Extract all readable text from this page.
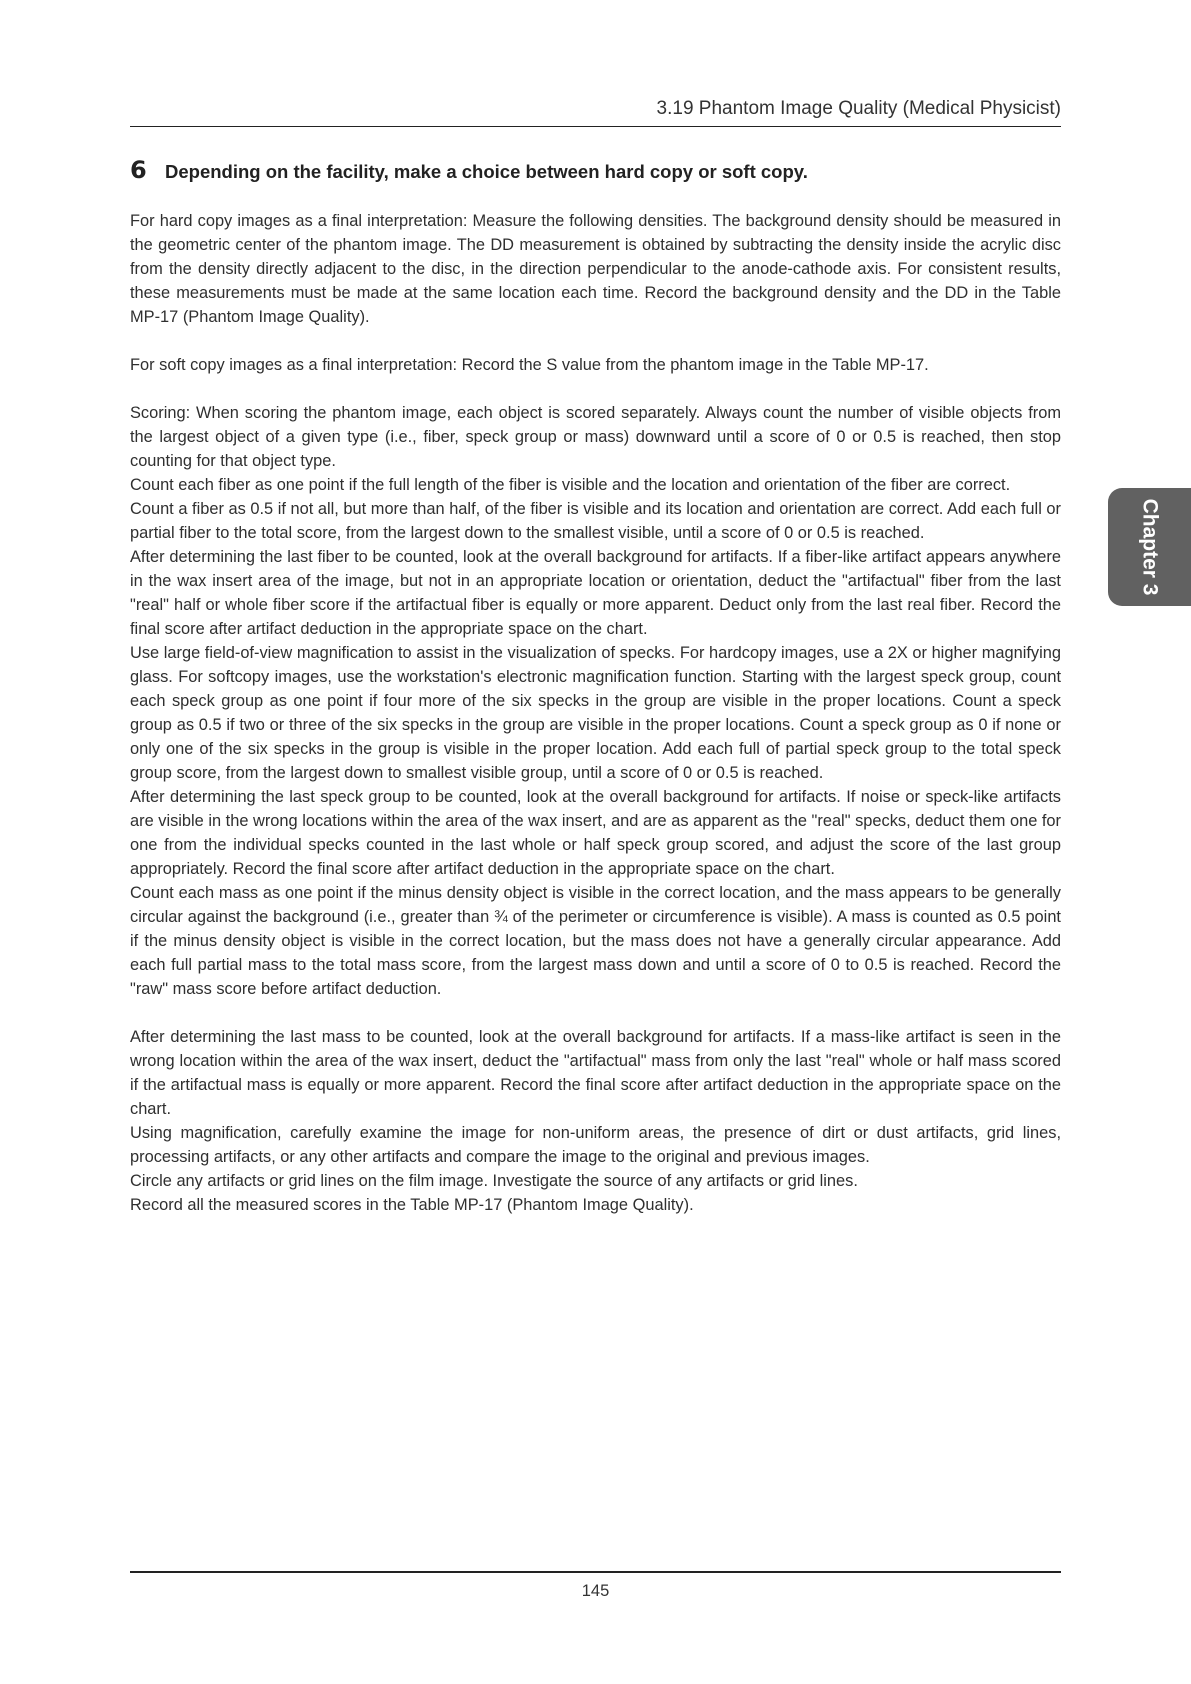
3.19 Phantom Image Quality (Medical Physicist)
6 Depending on the facility, make a choice between hard copy or soft copy.

For hard copy images as a final interpretation: Measure the following densities. The background density should be measured in the geometric center of the phantom image. The DD measurement is obtained by subtracting the density inside the acrylic disc from the density directly adjacent to the disc, in the direction perpendicular to the anode-cathode axis. For consistent results, these measurements must be made at the same location each time. Record the background density and the DD in the Table MP-17 (Phantom Image Quality).

For soft copy images as a final interpretation: Record the S value from the phantom image in the Table MP-17.

Scoring: When scoring the phantom image, each object is scored separately. Always count the number of visible objects from the largest object of a given type (i.e., fiber, speck group or mass) downward until a score of 0 or 0.5 is reached, then stop counting for that object type.

Count each fiber as one point if the full length of the fiber is visible and the location and orientation of the fiber are correct.

Count a fiber as 0.5 if not all, but more than half, of the fiber is visible and its location and orientation are correct. Add each full or partial fiber to the total score, from the largest down to the smallest visible, until a score of 0 or 0.5 is reached.

After determining the last fiber to be counted, look at the overall background for artifacts. If a fiber-like artifact appears anywhere in the wax insert area of the image, but not in an appropriate location or orientation, deduct the "artifactual" fiber from the last "real" half or whole fiber score if the artifactual fiber is equally or more apparent. Deduct only from the last real fiber. Record the final score after artifact deduction in the appropriate space on the chart.

Use large field-of-view magnification to assist in the visualization of specks. For hardcopy images, use a 2X or higher magnifying glass. For softcopy images, use the workstation's electronic magnification function. Starting with the largest speck group, count each speck group as one point if four more of the six specks in the group are visible in the proper locations. Count a speck group as 0.5 if two or three of the six specks in the group are visible in the proper locations. Count a speck group as 0 if none or only one of the six specks in the group is visible in the proper location. Add each full of partial speck group to the total speck group score, from the largest down to smallest visible group, until a score of 0 or 0.5 is reached.

After determining the last speck group to be counted, look at the overall background for artifacts. If noise or speck-like artifacts are visible in the wrong locations within the area of the wax insert, and are as apparent as the "real" specks, deduct them one for one from the individual specks counted in the last whole or half speck group scored, and adjust the score of the last group appropriately. Record the final score after artifact deduction in the appropriate space on the chart.

Count each mass as one point if the minus density object is visible in the correct location, and the mass appears to be generally circular against the background (i.e., greater than ¾ of the perimeter or circumference is visible). A mass is counted as 0.5 point if the minus density object is visible in the correct location, but the mass does not have a generally circular appearance. Add each full partial mass to the total mass score, from the largest mass down and until a score of 0 to 0.5 is reached. Record the "raw" mass score before artifact deduction.

After determining the last mass to be counted, look at the overall background for artifacts. If a mass-like artifact is seen in the wrong location within the area of the wax insert, deduct the "artifactual" mass from only the last "real" whole or half mass scored if the artifactual mass is equally or more apparent. Record the final score after artifact deduction in the appropriate space on the chart.

Using magnification, carefully examine the image for non-uniform areas, the presence of dirt or dust artifacts, grid lines, processing artifacts, or any other artifacts and compare the image to the original and previous images.

Circle any artifacts or grid lines on the film image. Investigate the source of any artifacts or grid lines.

Record all the measured scores in the Table MP-17 (Phantom Image Quality).

Chapter 3
145
